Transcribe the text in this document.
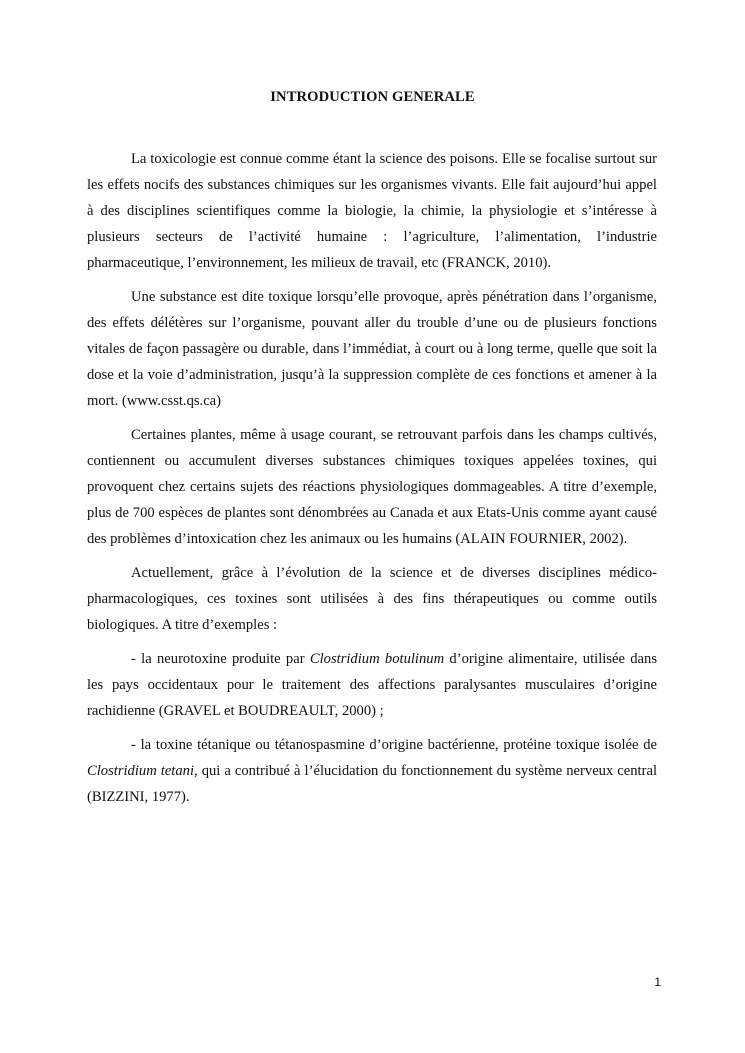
INTRODUCTION GENERALE

La toxicologie est connue comme étant la science des poisons. Elle se focalise surtout sur les effets nocifs des substances chimiques sur les organismes vivants. Elle fait aujourd’hui appel à des disciplines scientifiques comme la biologie, la chimie, la physiologie et s’intéresse à plusieurs secteurs de l’activité humaine : l’agriculture, l’alimentation, l’industrie pharmaceutique, l’environnement, les milieux de travail, etc (FRANCK, 2010).

Une substance est dite toxique lorsqu’elle provoque, après pénétration dans l’organisme, des effets délétères sur l’organisme, pouvant aller du trouble d’une ou de plusieurs fonctions vitales de façon passagère ou durable, dans l’immédiat, à court ou à long terme, quelle que soit la dose et la voie d’administration, jusqu’à la suppression complète de ces fonctions et amener à la mort. (www.csst.qs.ca)

Certaines plantes, même à usage courant, se retrouvant parfois dans les champs cultivés, contiennent ou accumulent diverses substances chimiques toxiques appelées toxines, qui provoquent chez certains sujets des réactions physiologiques dommageables. A titre d’exemple, plus de 700 espèces de plantes sont dénombrées au Canada et aux Etats-Unis comme ayant causé des problèmes d’intoxication chez les animaux ou les humains (ALAIN FOURNIER, 2002).

Actuellement, grâce à l’évolution de la science et de diverses disciplines médico-pharmacologiques, ces toxines sont utilisées à des fins thérapeutiques ou comme outils biologiques. A titre d’exemples :

- la neurotoxine produite par Clostridium botulinum d’origine alimentaire, utilisée dans les pays occidentaux pour le traitement des affections paralysantes musculaires d’origine rachidienne (GRAVEL et BOUDREAULT, 2000) ;

- la toxine tétanique ou tétanospasmine d’origine bactérienne, protéine toxique isolée de Clostridium tetani, qui a contribué à l’élucidation du fonctionnement du système nerveux central (BIZZINI, 1977).

1
